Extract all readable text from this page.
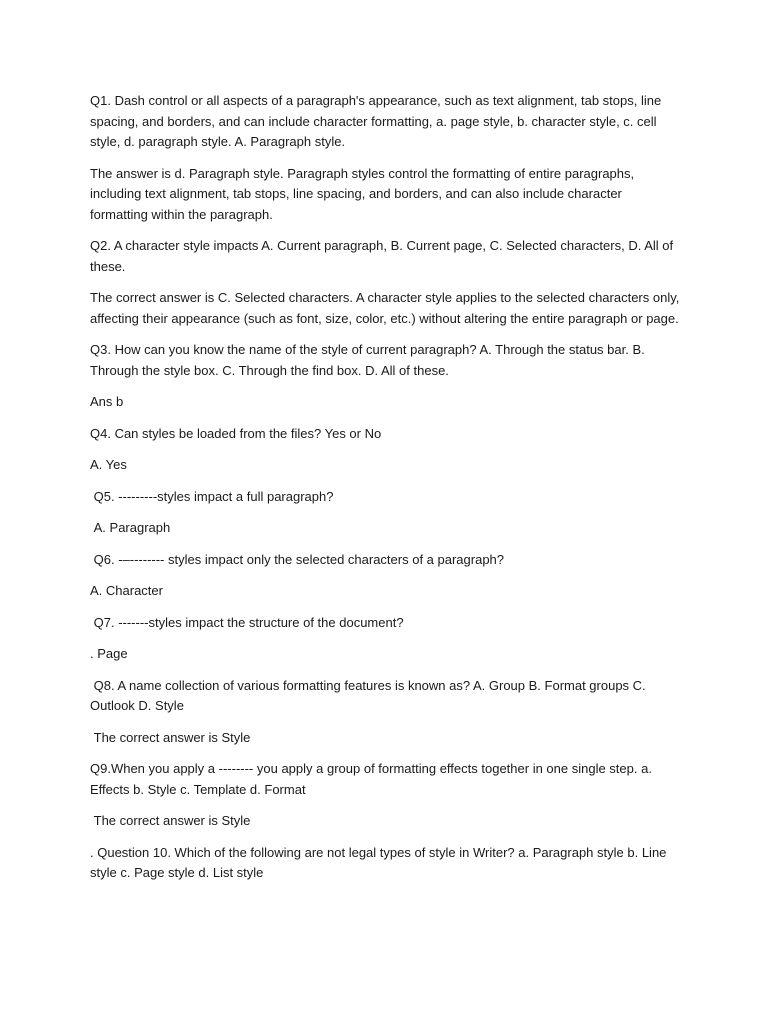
Q1. Dash control or all aspects of a paragraph's appearance, such as text alignment, tab stops, line spacing, and borders, and can include character formatting, a. page style, b. character style, c. cell style, d. paragraph style. A. Paragraph style.

The answer is d. Paragraph style. Paragraph styles control the formatting of entire paragraphs, including text alignment, tab stops, line spacing, and borders, and can also include character formatting within the paragraph.

Q2. A character style impacts A. Current paragraph, B. Current page, C. Selected characters, D. All of these.

The correct answer is C. Selected characters. A character style applies to the selected characters only, affecting their appearance (such as font, size, color, etc.) without altering the entire paragraph or page.

Q3. How can you know the name of the style of current paragraph? A. Through the status bar. B. Through the style box. C. Through the find box. D. All of these.

Ans b

Q4. Can styles be loaded from the files? Yes or No

A. Yes

Q5. ---------styles impact a full paragraph?

A. Paragraph

Q6. -–-------- styles impact only the selected characters of a paragraph?

A. Character

Q7. -------styles impact the structure of the document?

. Page

Q8. A name collection of various formatting features is known as? A. Group B. Format groups C. Outlook D. Style

The correct answer is Style

Q9.When you apply a -------- you apply a group of formatting effects together in one single step. a. Effects b. Style c. Template d. Format

The correct answer is Style

. Question 10. Which of the following are not legal types of style in Writer? a. Paragraph style b. Line style c. Page style d. List style
